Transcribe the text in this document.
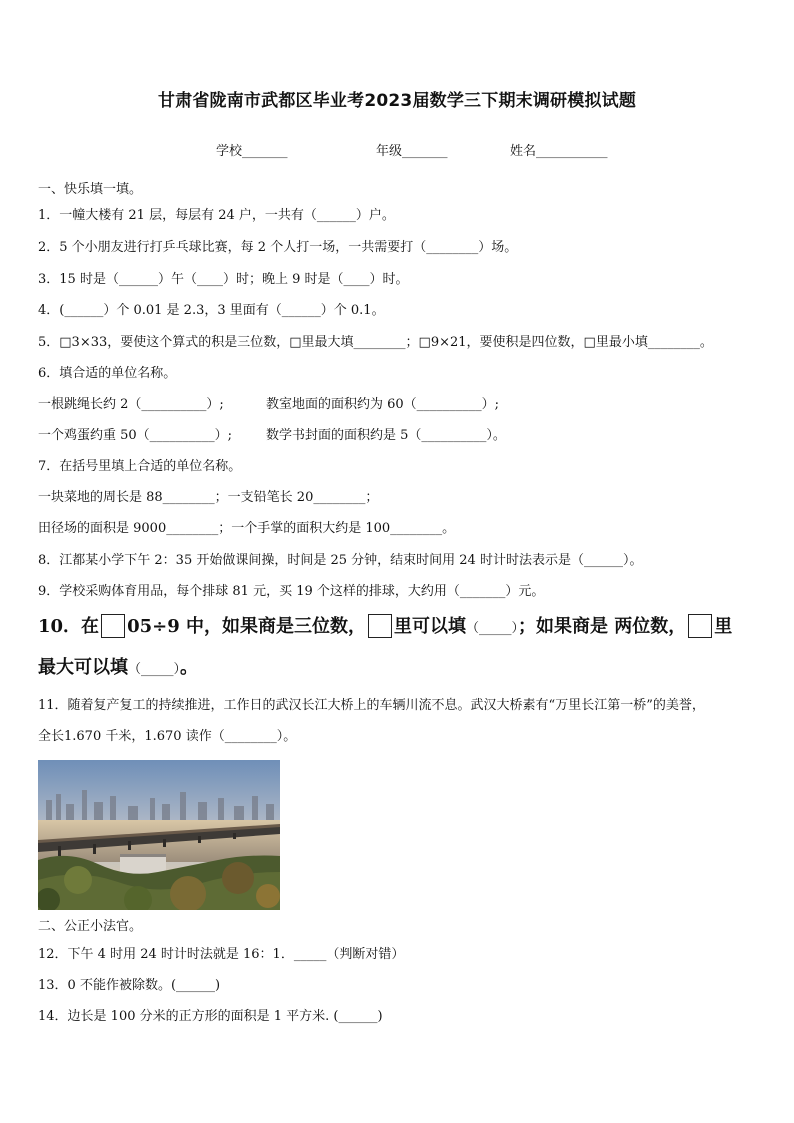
甘肃省陇南市武都区毕业考2023届数学三下期末调研模拟试题
学校_______	年级_______	姓名___________
一、快乐填一填。
1．一幢大楼有 21 层，每层有 24 户，一共有（______）户。
2．5 个小朋友进行打乒乓球比赛，每 2 个人打一场，一共需要打（________）场。
3．15 时是（______）午（____）时；晚上 9 时是（____）时。
4．(______）个 0.01 是 2.3，3 里面有（______）个 0.1。
5．□3×33，要使这个算式的积是三位数，□里最大填________；□9×21，要使积是四位数，□里最小填________。
6．填合适的单位名称。
一根跳绳长约 2（__________）;	教室地面的面积约为 60（__________）;
一个鸡蛋约重 50（__________）;	数学书封面的面积约是 5（__________）。
7．在括号里填上合适的单位名称。
一块菜地的周长是 88________；一支铅笔长 20________；
田径场的面积是 9000________；一个手掌的面积大约是 100________。
8．江都某小学下午 2：35 开始做课间操，时间是 25 分钟，结束时间用 24 时计时法表示是（______）。
9．学校采购体育用品，每个排球 81 元，买 19 个这样的排球，大约用（_______）元。
10．在 05÷9 中，如果商是三位数， 里可以填（_____）；如果商是 两位数， 里
最大可以填（_____）。
11．随着复产复工的持续推进，工作日的武汉长江大桥上的车辆川流不息。武汉大桥素有“万里长江第一桥”的美誉，
全长1.670 千米，1.670 读作（________）。
二、公正小法官。
12．下午 4 时用 24 时计时法就是 16：1．_____（判断对错）
13．0 不能作被除数。(______)
14．边长是 100 分米的正方形的面积是 1 平方米. (______)
